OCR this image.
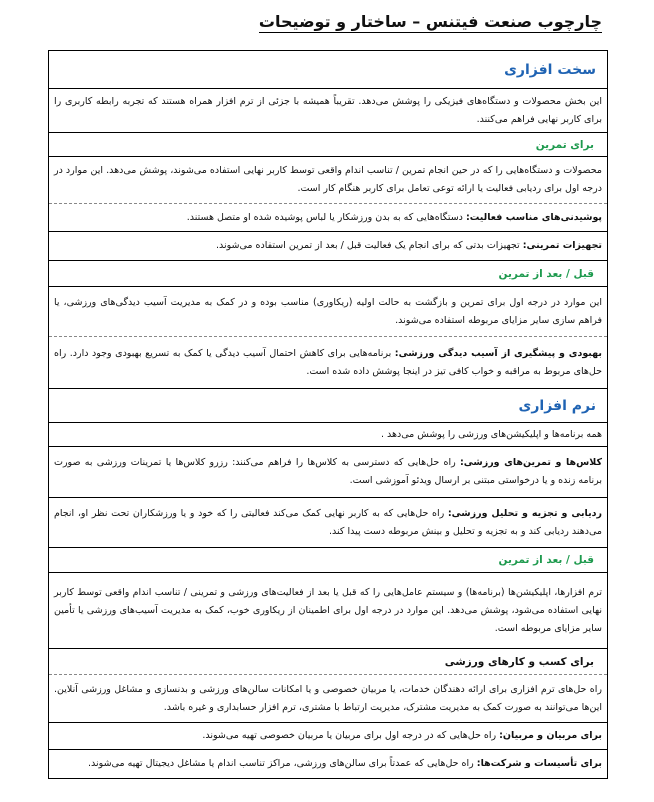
چارچوب صنعت فیتنس – ساختار و توضیحات
سخت افزاری
این بخش محصولات و دستگاه‌های فیزیکی را پوشش می‌دهد. تقریباً همیشه با جزئی از ترم افزار همراه هستند که تجربه رابطه کاربری را برای کاربر نهایی فراهم می‌کنند.
برای تمرین
محصولات و دستگاه‌هایی را که در حین انجام تمرین / تناسب اندام واقعی توسط کاربر نهایی استفاده می‌شوند، پوشش می‌دهد. این موارد در درجه اول برای ردیابی فعالیت یا ارائه توعی تعامل برای کاربر هنگام کار است.
پوشیدنی‌های مناسب فعالیت: دستگاه‌هایی که به بدن ورزشکار یا لباس پوشیده شده او متصل هستند.
تجهیزات تمرینی: تجهیزات بدتی که برای انجام یک فعالیت قبل / بعد از تمرین استفاده می‌شوند.
قبل / بعد از تمرین
این موارد در درجه اول برای تمرین و بازگشت به حالت اولیه (ریکاوری) مناسب بوده و در کمک به مدیریت آسیب دیدگی‌های ورزشی، یا فراهم سازی سایر مزایای مربوطه استفاده می‌شوند.
بهبودی و پیشگیری از آسیب دیدگی ورزشی: برنامه‌هایی برای کاهش احتمال آسیب دیدگی یا کمک به تسریع بهبودی وجود دارد. راه حل‌های مربوط به مراقبه و خواب کافی تیز در اینجا پوشش داده شده است.
نرم افزاری
همه برنامه‌ها و اپلیکیشن‌های ورزشی را پوشش می‌دهد .
کلاس‌ها و تمرین‌های ورزشی: راه حل‌هایی که دسترسی به کلاس‌ها را فراهم می‌کنند: رزرو کلاس‌ها یا تمرینات ورزشی به صورت برنامه زنده و یا درخواستی مبتنی بر ارسال ویدئو آموزشی است.
ردیابی و تجزیه و تحلیل ورزشی: راه حل‌هایی که به کاربر نهایی کمک می‌کند فعالیتی را که خود و یا ورزشکاران تحت نظر او، انجام می‌دهند ردیابی کند و به تجزیه و تحلیل و بینش مربوطه دست پیدا کند.
قبل / بعد از تمرین
ترم افزارها، اپلیکیشن‌ها (برنامه‌ها) و سیستم عامل‌هایی را که قبل یا بعد از فعالیت‌های ورزشی و تمرینی / تناسب اندام واقعی توسط کاربر نهایی استفاده می‌شود، پوشش می‌دهد. این موارد در درجه اول برای اطمینان از ریکاوری خوب، کمک به مدیریت آسیب‌های ورزشی یا تأمین سایر مزایای مربوطه است.
برای کسب و کارهای ورزشی
راه حل‌های ترم افزاری برای ارائه دهندگان خدمات، یا مربیان خصوصی و یا امکانات سالن‌های ورزشی و بدنسازی و مشاغل ورزشی آنلاین. این‌ها می‌توانند به صورت کمک به مدیریت مشترک، مدیریت ارتباط با مشتری، ترم افزار حسابداری و غیره باشد.
برای مربیان و مربیان: راه حل‌هایی که در درجه اول برای مربیان یا مربیان خصوصی تهیه می‌شوند.
برای تأسیسات و شرکت‌ها: راه حل‌هایی که عمدتاً برای سالن‌های ورزشی، مراکز تناسب اندام یا مشاغل دیجیتال تهیه می‌شوند.
